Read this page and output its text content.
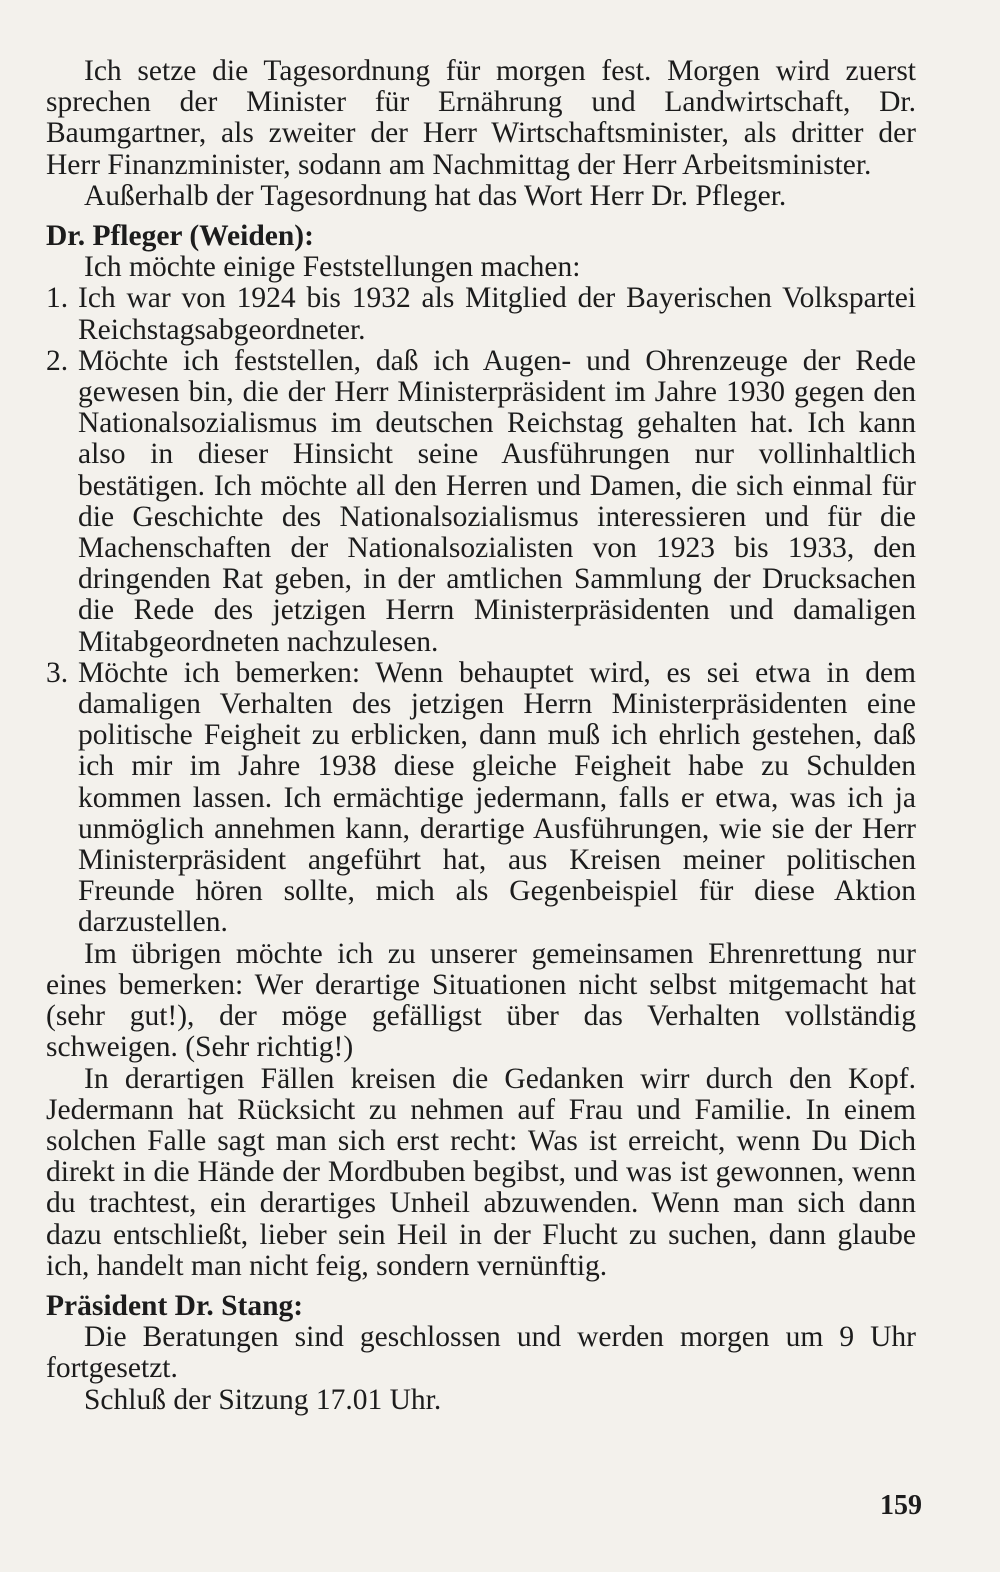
Ich setze die Tagesordnung für morgen fest. Morgen wird zuerst sprechen der Minister für Ernährung und Landwirtschaft, Dr. Baumgartner, als zweiter der Herr Wirtschaftsminister, als dritter der Herr Finanzminister, sodann am Nachmittag der Herr Arbeitsminister.

Außerhalb der Tagesordnung hat das Wort Herr Dr. Pfleger.

Dr. Pfleger (Weiden):

Ich möchte einige Feststellungen machen:

1. Ich war von 1924 bis 1932 als Mitglied der Bayerischen Volkspartei Reichstagsabgeordneter.
2. Möchte ich feststellen, daß ich Augen- und Ohrenzeuge der Rede gewesen bin, die der Herr Ministerpräsident im Jahre 1930 gegen den Nationalsozialismus im deutschen Reichstag gehalten hat. Ich kann also in dieser Hinsicht seine Ausführungen nur vollinhaltlich bestätigen. Ich möchte all den Herren und Damen, die sich einmal für die Geschichte des Nationalsozialismus interessieren und für die Machenschaften der Nationalsozialisten von 1923 bis 1933, den dringenden Rat geben, in der amtlichen Sammlung der Drucksachen die Rede des jetzigen Herrn Ministerpräsidenten und damaligen Mitabgeordneten nachzulesen.
3. Möchte ich bemerken: Wenn behauptet wird, es sei etwa in dem damaligen Verhalten des jetzigen Herrn Ministerpräsidenten eine politische Feigheit zu erblicken, dann muß ich ehrlich gestehen, daß ich mir im Jahre 1938 diese gleiche Feigheit habe zu Schulden kommen lassen. Ich ermächtige jedermann, falls er etwa, was ich ja unmöglich annehmen kann, derartige Ausführungen, wie sie der Herr Ministerpräsident angeführt hat, aus Kreisen meiner politischen Freunde hören sollte, mich als Gegenbeispiel für diese Aktion darzustellen.

Im übrigen möchte ich zu unserer gemeinsamen Ehrenrettung nur eines bemerken: Wer derartige Situationen nicht selbst mitgemacht hat (sehr gut!), der möge gefälligst über das Verhalten vollständig schweigen. (Sehr richtig!)

In derartigen Fällen kreisen die Gedanken wirr durch den Kopf. Jedermann hat Rücksicht zu nehmen auf Frau und Familie. In einem solchen Falle sagt man sich erst recht: Was ist erreicht, wenn Du Dich direkt in die Hände der Mordbuben begibst, und was ist gewonnen, wenn du trachtest, ein derartiges Unheil abzuwenden. Wenn man sich dann dazu entschließt, lieber sein Heil in der Flucht zu suchen, dann glaube ich, handelt man nicht feig, sondern vernünftig.

Präsident Dr. Stang:

Die Beratungen sind geschlossen und werden morgen um 9 Uhr fortgesetzt.

Schluß der Sitzung 17.01 Uhr.

159
